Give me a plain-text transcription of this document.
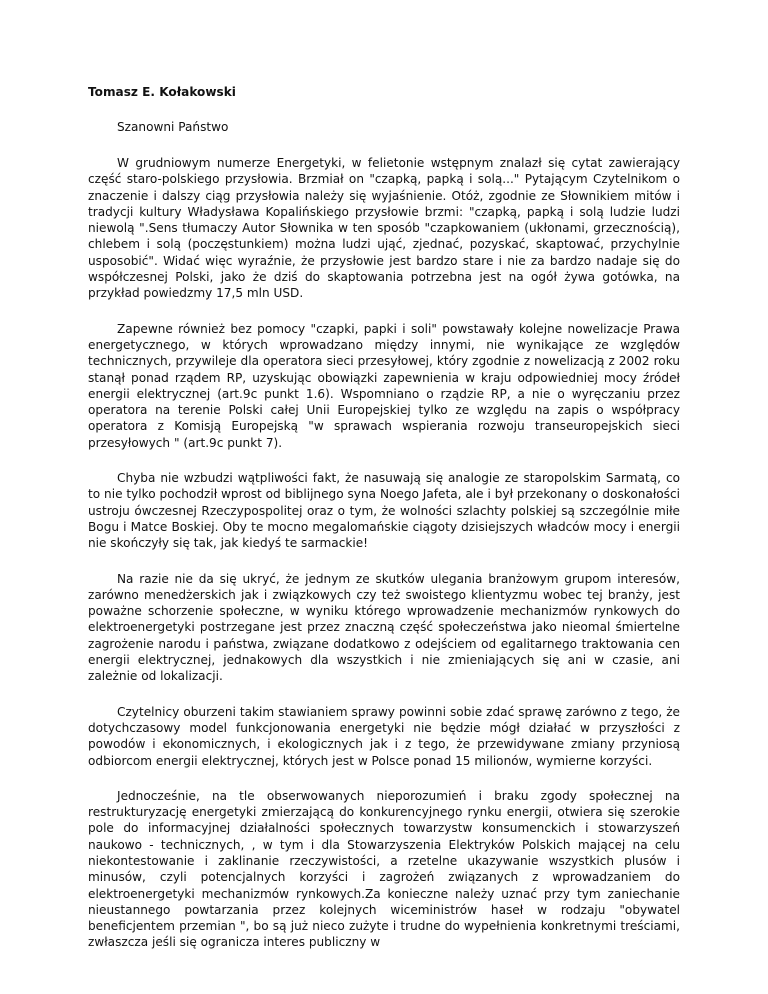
Tomasz E. Kołakowski

Szanowni Państwo

W grudniowym numerze Energetyki, w felietonie wstępnym znalazł się cytat zawierający część staro-polskiego przysłowia. Brzmiał on "czapką, papką i solą..." Pytającym Czytelnikom o znaczenie i dalszy ciąg przysłowia należy się wyjaśnienie. Otóż, zgodnie ze Słownikiem mitów i tradycji kultury Władysława Kopalińskiego przysłowie brzmi: "czapką, papką i solą ludzie ludzi niewolą ".Sens tłumaczy Autor Słownika w ten sposób "czapkowaniem (ukłonami, grzecznością), chlebem i solą (poczęstunkiem) można ludzi ująć, zjednać, pozyskać, skaptować, przychylnie usposobić". Widać więc wyraźnie, że przysłowie jest bardzo stare i nie za bardzo nadaje się do współczesnej Polski, jako że dziś do skaptowania potrzebna jest na ogół żywa gotówka, na przykład powiedzmy 17,5 mln USD.

Zapewne również bez pomocy "czapki, papki i soli" powstawały kolejne nowelizacje Prawa energetycznego, w których wprowadzano między innymi, nie wynikające ze względów technicznych, przywileje dla operatora sieci przesyłowej, który zgodnie z nowelizacją z 2002 roku stanął ponad rządem RP, uzyskując obowiązki zapewnienia w kraju odpowiedniej mocy źródeł energii elektrycznej (art.9c punkt 1.6). Wspomniano o rządzie RP, a nie o wyręczaniu przez operatora na terenie Polski całej Unii Europejskiej tylko ze względu na zapis o współpracy operatora z Komisją Europejską "w sprawach wspierania rozwoju transeuropejskich sieci przesyłowych " (art.9c punkt 7).

Chyba nie wzbudzi wątpliwości fakt, że nasuwają się analogie ze staropolskim Sarmatą, co to nie tylko pochodził wprost od biblijnego syna Noego Jafeta, ale i był przekonany o doskonałości ustroju ówczesnej Rzeczypospolitej oraz o tym, że wolności szlachty polskiej są szczególnie miłe Bogu i Matce Boskiej. Oby te mocno megalomańskie ciągoty dzisiejszych władców mocy i energii nie skończyły się tak, jak kiedyś te sarmackie!

Na razie nie da się ukryć, że jednym ze skutków ulegania branżowym grupom interesów, zarówno menedżerskich jak i związkowych czy też swoistego klientyzmu wobec tej branży, jest poważne schorzenie społeczne, w wyniku którego wprowadzenie mechanizmów rynkowych do elektroenergetyki postrzegane jest przez znaczną część społeczeństwa jako nieomal śmiertelne zagrożenie narodu i państwa, związane dodatkowo z odejściem od egalitarnego traktowania cen energii elektrycznej, jednakowych dla wszystkich i nie zmieniających się ani w czasie, ani zależnie od lokalizacji.

Czytelnicy oburzeni takim stawianiem sprawy powinni sobie zdać sprawę zarówno z tego, że dotychczasowy model funkcjonowania energetyki nie będzie mógł działać w przyszłości z powodów i ekonomicznych, i ekologicznych jak i z tego, że przewidywane zmiany przyniosą odbiorcom energii elektrycznej, których jest w Polsce ponad 15 milionów, wymierne korzyści.

Jednocześnie, na tle obserwowanych nieporozumień i braku zgody społecznej na restrukturyzację energetyki zmierzającą do konkurencyjnego rynku energii, otwiera się szerokie pole do informacyjnej działalności społecznych towarzystw konsumenckich i stowarzyszeń naukowo - technicznych, , w tym i dla Stowarzyszenia Elektryków Polskich mającej na celu niekontestowanie i zaklinanie rzeczywistości, a rzetelne ukazywanie wszystkich plusów i minusów, czyli potencjalnych korzyści i zagrożeń związanych z wprowadzaniem do elektroenergetyki mechanizmów rynkowych.Za konieczne należy uznać przy tym zaniechanie nieustannego powtarzania przez kolejnych wiceministrów haseł w rodzaju "obywatel beneficjentem przemian ", bo są już nieco zużyte i trudne do wypełnienia konkretnymi treściami, zwłaszcza jeśli się ogranicza interes publiczny w
